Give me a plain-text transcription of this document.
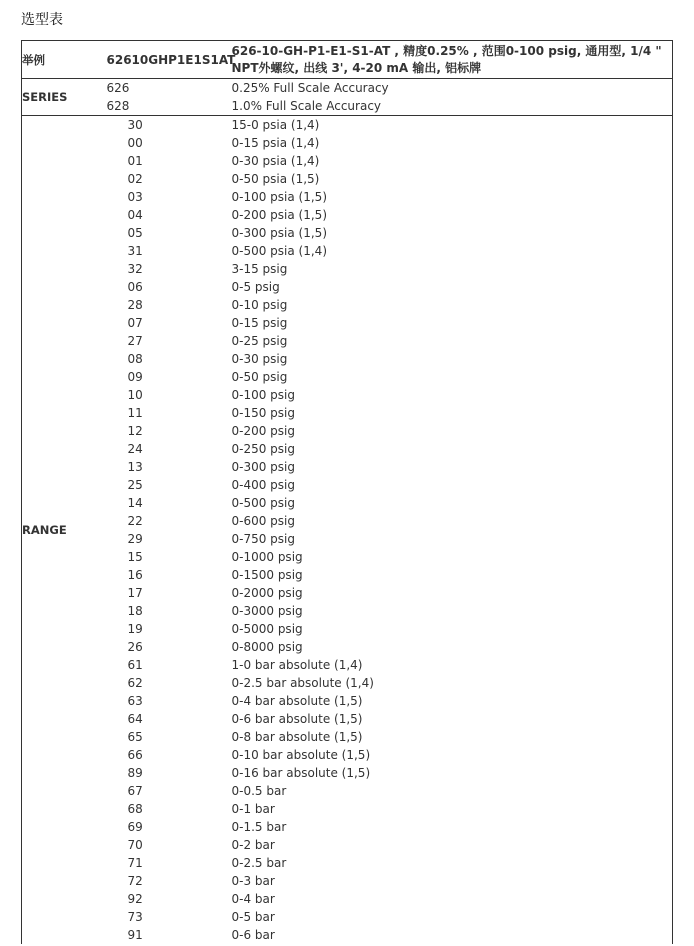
选型表
举例	62610GHP1E1S1AT	626-10-GH-P1-E1-S1-AT , 精度0.25% , 范围0-100 psig, 通用型, 1/4 " NPT外螺纹, 出线 3', 4-20 mA 输出, 铝标牌
SERIES	626	0.25% Full Scale Accuracy
	628	1.0% Full Scale Accuracy
RANGE	30	15-0 psia (1,4)
	00	0-15 psia (1,4)
	01	0-30 psia (1,4)
	02	0-50 psia (1,5)
	03	0-100 psia (1,5)
	04	0-200 psia (1,5)
	05	0-300 psia (1,5)
	31	0-500 psia (1,4)
	32	3-15 psig
	06	0-5 psig
	28	0-10 psig
	07	0-15 psig
	27	0-25 psig
	08	0-30 psig
	09	0-50 psig
	10	0-100 psig
	11	0-150 psig
	12	0-200 psig
	24	0-250 psig
	13	0-300 psig
	25	0-400 psig
	14	0-500 psig
	22	0-600 psig
	29	0-750 psig
	15	0-1000 psig
	16	0-1500 psig
	17	0-2000 psig
	18	0-3000 psig
	19	0-5000 psig
	26	0-8000 psig
	61	1-0 bar absolute (1,4)
	62	0-2.5 bar absolute (1,4)
	63	0-4 bar absolute (1,5)
	64	0-6 bar absolute (1,5)
	65	0-8 bar absolute (1,5)
	66	0-10 bar absolute (1,5)
	89	0-16 bar absolute (1,5)
	67	0-0.5 bar
	68	0-1 bar
	69	0-1.5 bar
	70	0-2 bar
	71	0-2.5 bar
	72	0-3 bar
	92	0-4 bar
	73	0-5 bar
	91	0-6 bar
